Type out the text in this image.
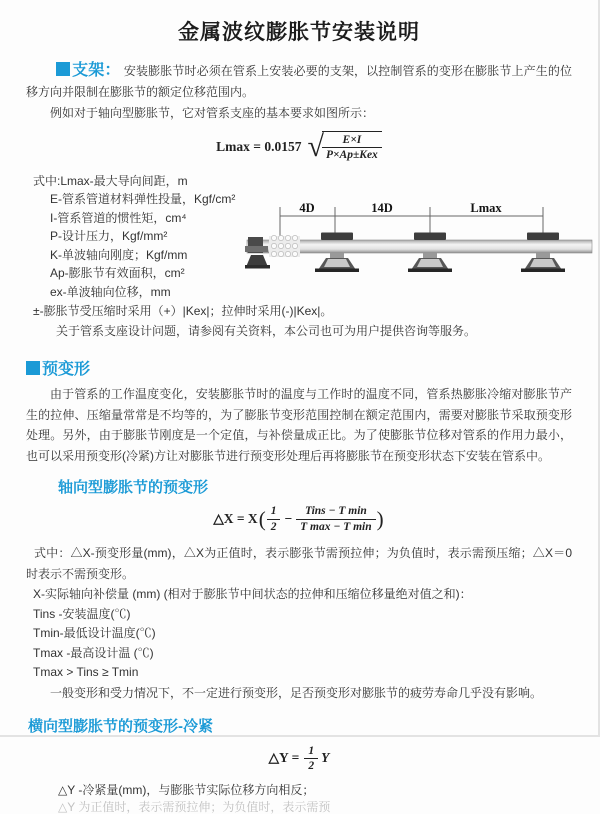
金属波纹膨胀节安装说明

支架： 安装膨胀节时必须在管系上安装必要的支架，以控制管系的变形在膨胀节上产生的位移方向并限制在膨胀节的额定位移范围内。

例如对于轴向型膨胀节，它对管系支座的基本要求如图所示：

Lmax = 0.0157 √
$\frac{E\times I}{\text{P×Ap±Kex}}$
式中:Lmax-最大导向间距，m
E-管系管道材料弹性投量，Kgf/cm²
I-管系管道的惯性矩，cm⁴
P-设计压力，Kgf/mm²
K-单波轴向刚度；Kgf/mm
Ap-膨胀节有效面积，cm²
ex-单波轴向位移，mm
4D	14D	Lmax
±-膨胀节受压缩时采用（+）|Kex|；拉伸时采用(-)|Kex|。
关于管系支座设计问题，请参阅有关资料，本公司也可为用户提供咨询等服务。
预变形

由于管系的工作温度变化，安装膨胀节时的温度与工作时的温度不同，管系热膨胀冷缩对膨胀节产生的拉伸、压缩量常常是不均等的，为了膨胀节变形范围控制在额定范围内，需要对膨胀节采取预变形处理。另外，由于膨胀节刚度是一个定值，与补偿量成正比。为了使膨胀节位移对管系的作用力最小，也可以采用预变形(冷紧)方让对膨胀节进行预变形处理后再将膨胀节在预变形状态下安装在管系中。

轴向型膨胀节的预变形
△X = X ( $\frac{1}{2} - \frac{\text{Tins − T min}}{\text{T max − T min}}$ )

式中：△X-预变形量(mm)，△X为正值时，表示膨张节需预拉伸；为负值时，表示需预压缩；△X＝0时表示不需预变形。

X-实际轴向补偿量 (mm) (相对于膨胀节中间状态的拉伸和压缩位移量绝对值之和)：
Tins -安装温度(℃)
Tmin-最低设计温度(℃)
Tmax -最高设计温 (℃)
Tmax > Tins ≥ Tmin

一般变形和受力情况下，不一定进行预变形，足否预变形对膨胀节的疲劳寿命几乎没有影响。

横向型膨胀节的预变形-冷紧
△Y = $\frac{1}{2}$ Y
△Y -冷紧量(mm)，与膨胀节实际位移方向相反；
△Y 为正值时，表示需预拉伸；为负值时，表示需预
